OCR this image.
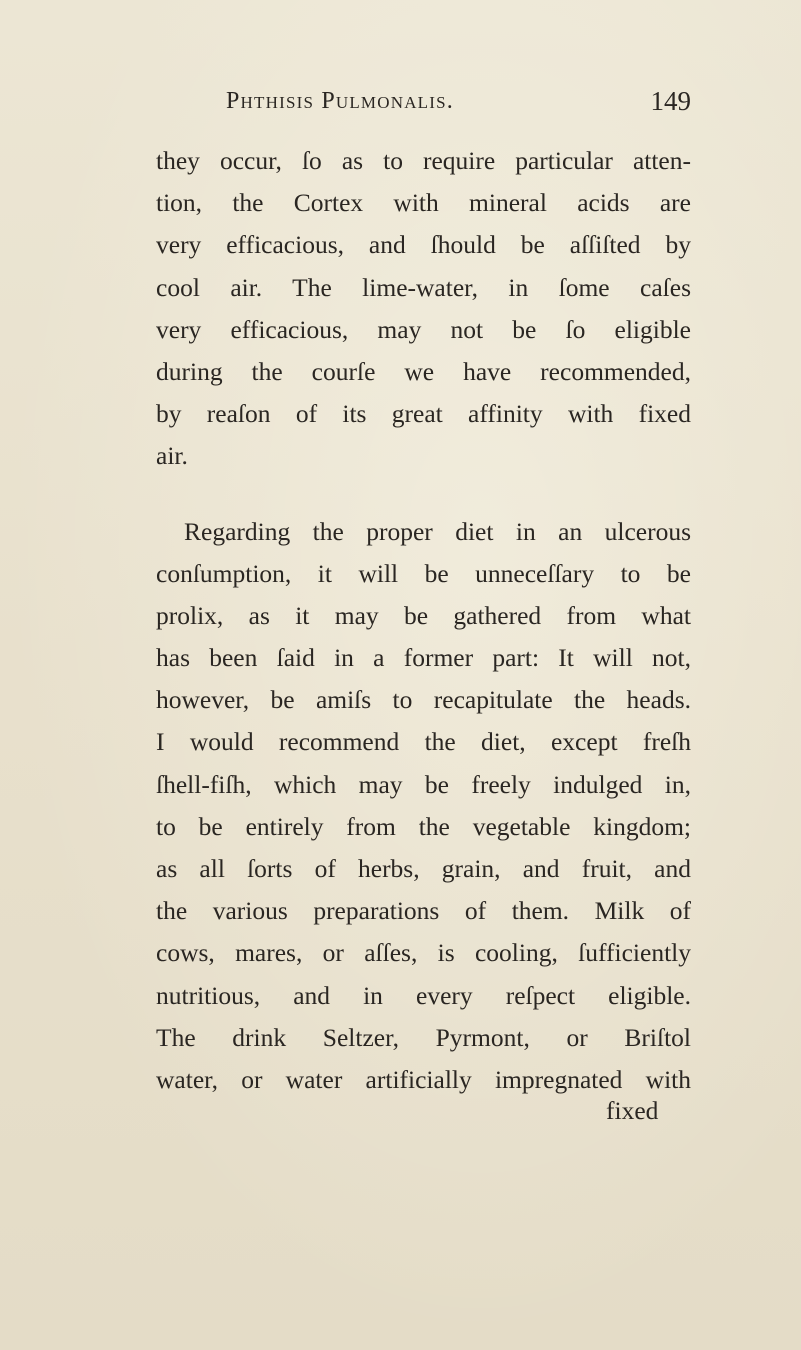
Phthisis Pulmonalis.	149
they occur, ſo as to require particular atten-
tion, the Cortex with mineral acids are
very efficacious, and ſhould be aſſiſted by
cool air. The lime-water, in ſome caſes
very efficacious, may not be ſo eligible
during the courſe we have recommended,
by reaſon of its great affinity with fixed
air.
Regarding the proper diet in an ulcerous
conſumption, it will be unneceſſary to be
prolix, as it may be gathered from what
has been ſaid in a former part: It will not,
however, be amiſs to recapitulate the heads.
I would recommend the diet, except freſh
ſhell-fiſh, which may be freely indulged in,
to be entirely from the vegetable kingdom;
as all ſorts of herbs, grain, and fruit, and
the various preparations of them. Milk of
cows, mares, or aſſes, is cooling, ſufficiently
nutritious, and in every reſpect eligible.
The drink Seltzer, Pyrmont, or Briſtol
water, or water artificially impregnated with
fixed
